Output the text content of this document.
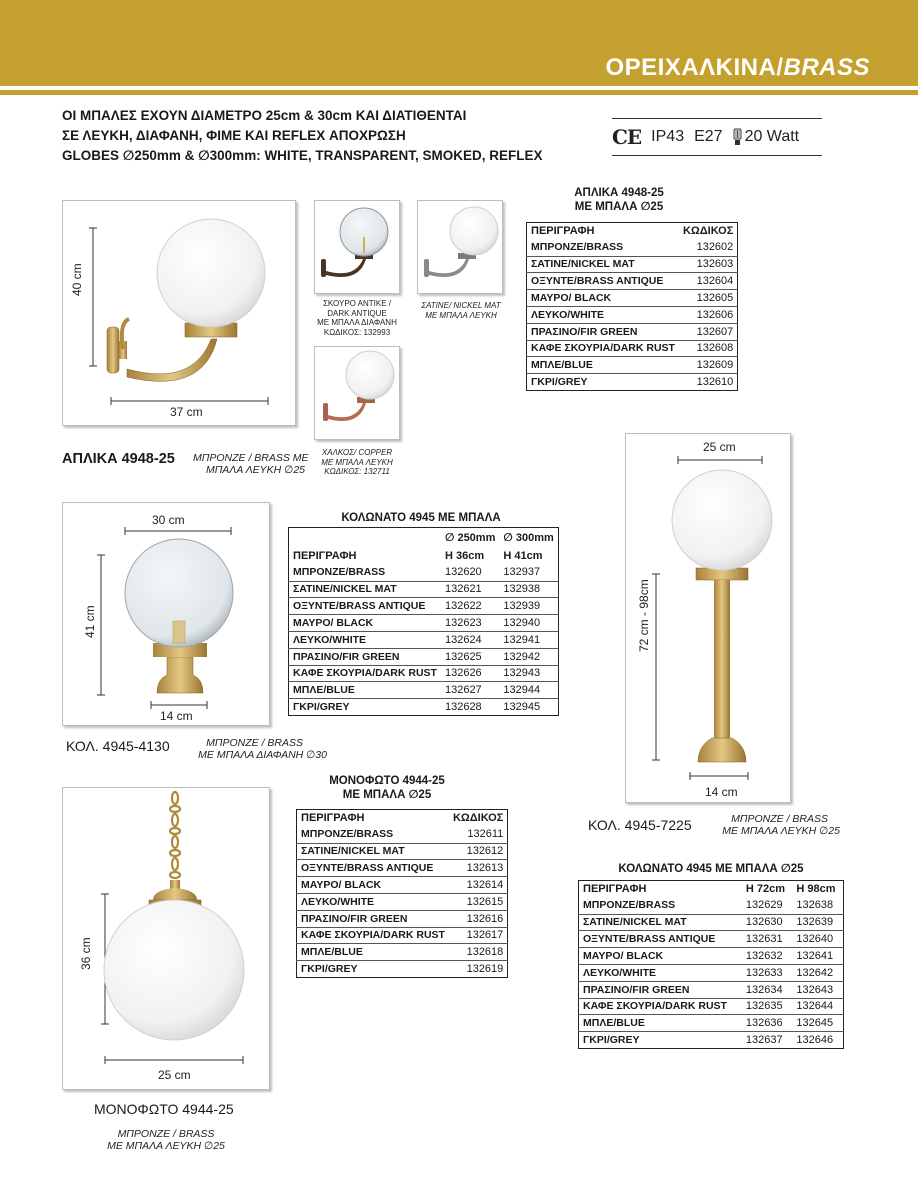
ΟΡΕΙΧΑΛΚΙΝΑ/BRASS
ΟΙ ΜΠΑΛΕΣ ΕΧΟΥΝ ΔΙΑΜΕΤΡΟ 25cm & 30cm ΚΑΙ ΔΙΑΤΙΘΕΝΤΑΙ
ΣΕ ΛΕΥΚΗ, ΔΙΑΦΑΝΗ, ΦΙΜΕ ΚΑΙ REFLEX ΑΠΟΧΡΩΣΗ
GLOBES ∅250mm & ∅300mm: WHITE, TRANSPARENT, SMOKED, REFLEX
CE IP43 E27 20 Watt
40 cm
37 cm
ΑΠΛΙΚΑ 4948-25 ΜΠΡΟΝΖΕ / BRASS ME
ΜΠΑΛΑ ΛΕΥΚΗ ∅25
ΣΚΟΥΡΟ ΑΝΤΙΚΕ /
DARK ANTIQUE
ΜΕ ΜΠΑΛΑ ΔΙΑΦΑΝΗ
ΚΩΔΙΚΟΣ: 132993
ΣΑΤΙΝΕ/ NICKEL MAT
ΜΕ ΜΠΑΛΑ ΛΕΥΚΗ
ΧΑΛΚΟΣ/ COPPER
ΜΕ ΜΠΑΛΑ ΛΕΥΚΗ
ΚΩΔΙΚΟΣ: 132711
ΑΠΛΙΚΑ 4948-25
ΜΕ ΜΠΑΛΑ ∅25
ΠΕΡΙΓΡΑΦΗ	ΚΩΔΙΚΟΣ
ΜΠΡΟΝΖΕ/BRASS	132602
ΣΑΤΙΝΕ/NICKEL MAT	132603
ΟΞΥΝΤΕ/BRASS ANTIQUE	132604
ΜΑΥΡΟ/ BLACK	132605
ΛΕΥΚΟ/WHITE	132606
ΠΡΑΣΙΝΟ/FIR GREEN	132607
ΚΑΦΕ ΣΚΟΥΡΙΑ/DARK RUST	132608
ΜΠΛΕ/BLUE	132609
ΓΚΡΙ/GREY	132610
30 cm
41 cm
14 cm
ΚΟΛ. 4945-4130	ΜΠΡΟΝΖΕ / BRASS
ΜΕ ΜΠΑΛΑ ΔΙΑΦΑΝΗ ∅30
ΚΟΛΩΝΑΤΟ 4945 ΜΕ ΜΠΑΛΑ
	∅ 250mm	∅ 300mm
ΠΕΡΙΓΡΑΦΗ	Η 36cm	Η 41cm
ΜΠΡΟΝΖΕ/BRASS	132620	132937
ΣΑΤΙΝΕ/NICKEL MAT	132621	132938
ΟΞΥΝΤΕ/BRASS ANTIQUE	132622	132939
ΜΑΥΡΟ/ BLACK	132623	132940
ΛΕΥΚΟ/WHITE	132624	132941
ΠΡΑΣΙΝΟ/FIR GREEN	132625	132942
ΚΑΦΕ ΣΚΟΥΡΙΑ/DARK RUST	132626	132943
ΜΠΛΕ/BLUE	132627	132944
ΓΚΡΙ/GREY	132628	132945
25 cm
72 cm - 98cm
14 cm
ΚΟΛ. 4945-7225	ΜΠΡΟΝΖΕ / BRASS
ΜΕ ΜΠΑΛΑ ΛΕΥΚΗ ∅25
36 cm
25 cm
ΜΟΝΟΦΩΤΟ 4944-25
ΜΠΡΟΝΖΕ / BRASS
ΜΕ ΜΠΑΛΑ ΛΕΥΚΗ ∅25
ΜΟΝΟΦΩΤΟ 4944-25
ΜΕ ΜΠΑΛΑ ∅25
ΠΕΡΙΓΡΑΦΗ	ΚΩΔΙΚΟΣ
ΜΠΡΟΝΖΕ/BRASS	132611
ΣΑΤΙΝΕ/NICKEL MAT	132612
ΟΞΥΝΤΕ/BRASS ANTIQUE	132613
ΜΑΥΡΟ/ BLACK	132614
ΛΕΥΚΟ/WHITE	132615
ΠΡΑΣΙΝΟ/FIR GREEN	132616
ΚΑΦΕ ΣΚΟΥΡΙΑ/DARK RUST	132617
ΜΠΛΕ/BLUE	132618
ΓΚΡΙ/GREY	132619
ΚΟΛΩΝΑΤΟ 4945 ΜΕ ΜΠΑΛΑ ∅25
ΠΕΡΙΓΡΑΦΗ	Η 72cm	Η 98cm
ΜΠΡΟΝΖΕ/BRASS	132629	132638
ΣΑΤΙΝΕ/NICKEL MAT	132630	132639
ΟΞΥΝΤΕ/BRASS ANTIQUE	132631	132640
ΜΑΥΡΟ/ BLACK	132632	132641
ΛΕΥΚΟ/WHITE	132633	132642
ΠΡΑΣΙΝΟ/FIR GREEN	132634	132643
ΚΑΦΕ ΣΚΟΥΡΙΑ/DARK RUST	132635	132644
ΜΠΛΕ/BLUE	132636	132645
ΓΚΡΙ/GREY	132637	132646
